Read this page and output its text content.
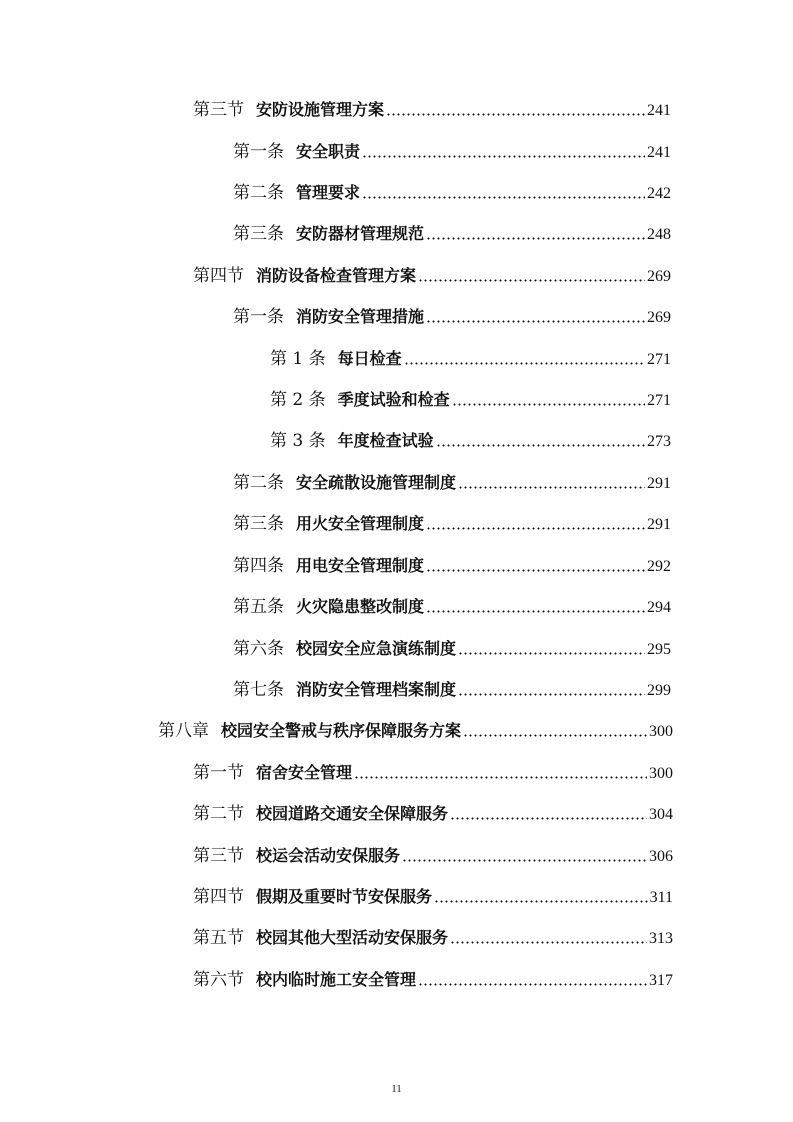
第三节 安防设施管理方案	241
第一条 安全职责	241
第二条 管理要求	242
第三条 安防器材管理规范	248
第四节 消防设备检查管理方案	269
第一条 消防安全管理措施	269
第 1 条 每日检查	271
第 2 条 季度试验和检查	271
第 3 条 年度检查试验	273
第二条 安全疏散设施管理制度	291
第三条 用火安全管理制度	291
第四条 用电安全管理制度	292
第五条 火灾隐患整改制度	294
第六条 校园安全应急演练制度	295
第七条 消防安全管理档案制度	299
第八章 校园安全警戒与秩序保障服务方案	300
第一节 宿舍安全管理	300
第二节 校园道路交通安全保障服务	304
第三节 校运会活动安保服务	306
第四节 假期及重要时节安保服务	311
第五节 校园其他大型活动安保服务	313
第六节 校内临时施工安全管理	317
11
